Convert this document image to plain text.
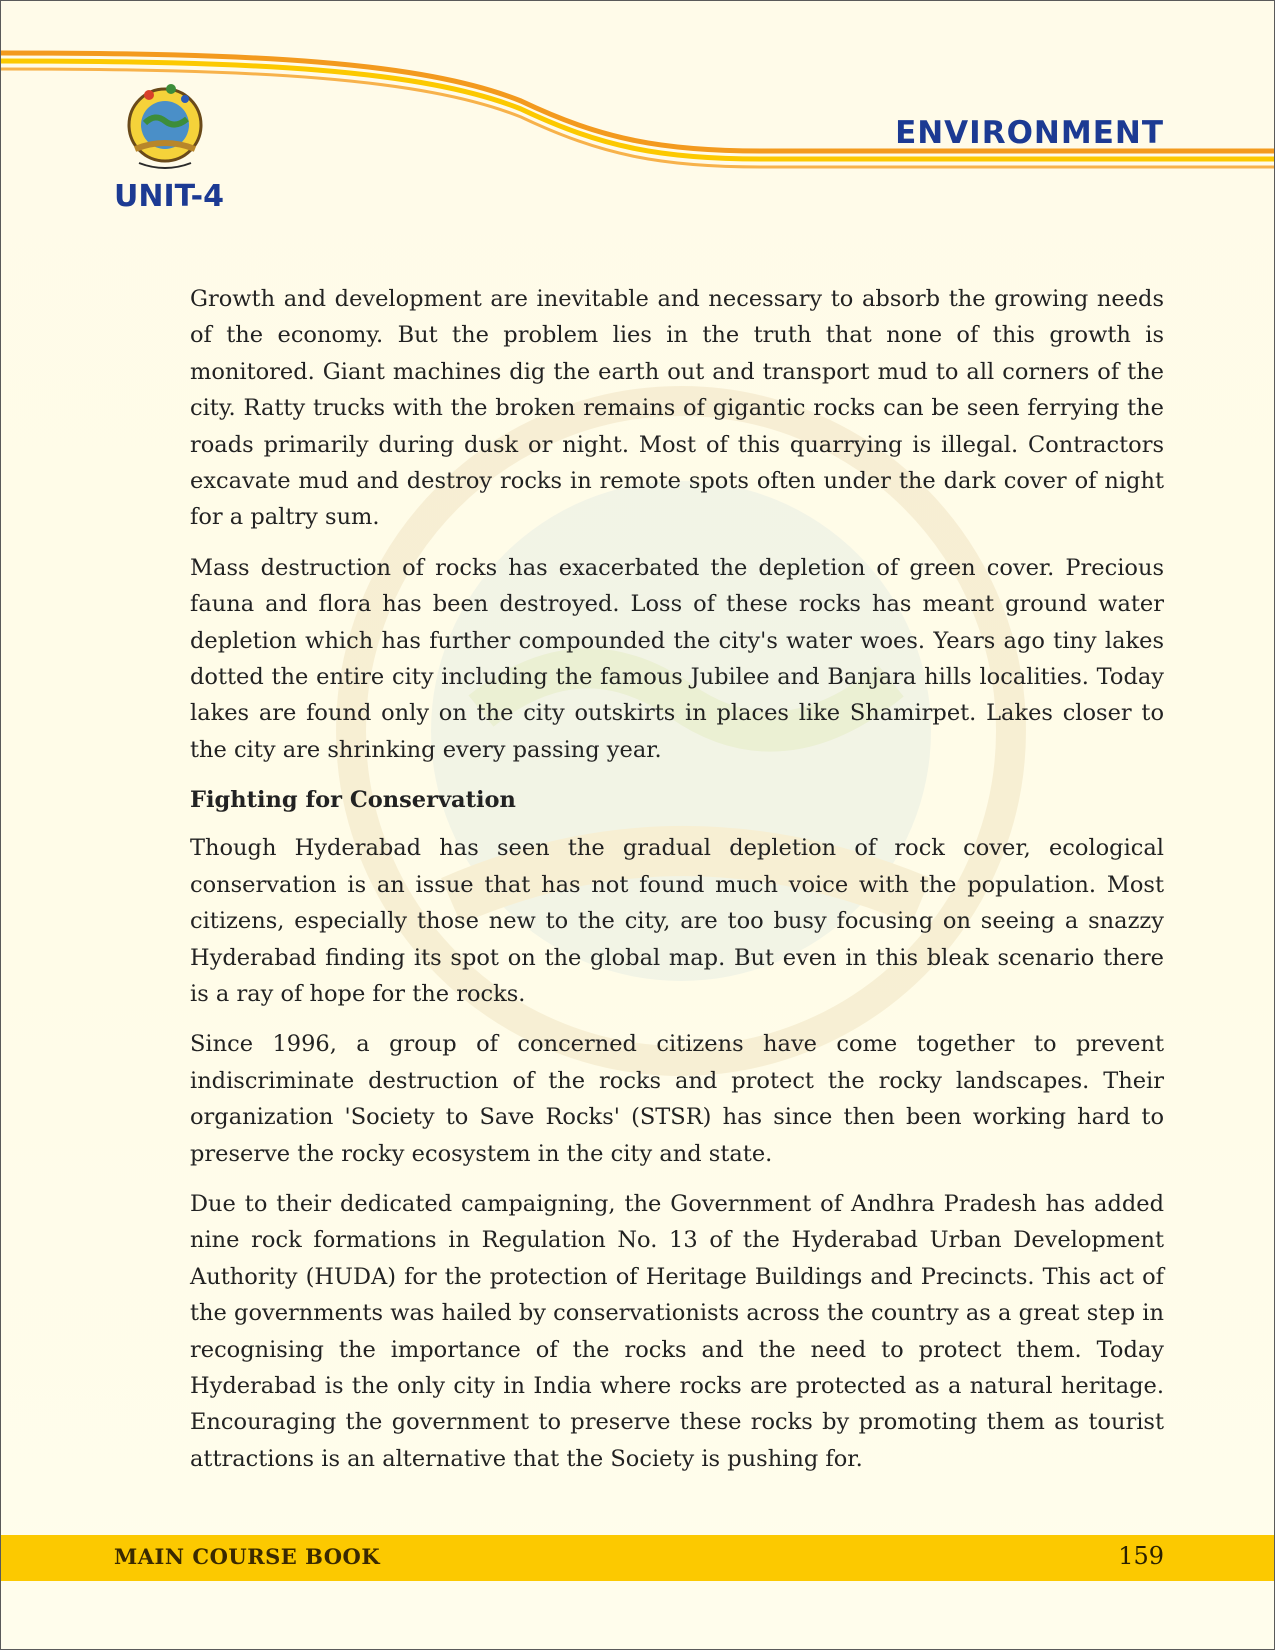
UNIT-4
ENVIRONMENT

Growth and development are inevitable and necessary to absorb the growing needs of the economy. But the problem lies in the truth that none of this growth is monitored. Giant machines dig the earth out and transport mud to all corners of the city. Ratty trucks with the broken remains of gigantic rocks can be seen ferrying the roads primarily during dusk or night. Most of this quarrying is illegal. Contractors excavate mud and destroy rocks in remote spots often under the dark cover of night for a paltry sum.

Mass destruction of rocks has exacerbated the depletion of green cover. Precious fauna and flora has been destroyed. Loss of these rocks has meant ground water depletion which has further compounded the city's water woes. Years ago tiny lakes dotted the entire city including the famous Jubilee and Banjara hills localities. Today lakes are found only on the city outskirts in places like Shamirpet. Lakes closer to the city are shrinking every passing year.

Fighting for Conservation

Though Hyderabad has seen the gradual depletion of rock cover, ecological conservation is an issue that has not found much voice with the population. Most citizens, especially those new to the city, are too busy focusing on seeing a snazzy Hyderabad finding its spot on the global map. But even in this bleak scenario there is a ray of hope for the rocks.

Since 1996, a group of concerned citizens have come together to prevent indiscriminate destruction of the rocks and protect the rocky landscapes. Their organization 'Society to Save Rocks' (STSR) has since then been working hard to preserve the rocky ecosystem in the city and state.

Due to their dedicated campaigning, the Government of Andhra Pradesh has added nine rock formations in Regulation No. 13 of the Hyderabad Urban Development Authority (HUDA) for the protection of Heritage Buildings and Precincts. This act of the governments was hailed by conservationists across the country as a great step in recognising the importance of the rocks and the need to protect them. Today Hyderabad is the only city in India where rocks are protected as a natural heritage. Encouraging the government to preserve these rocks by promoting them as tourist attractions is an alternative that the Society is pushing for.

MAIN COURSE BOOK	159
